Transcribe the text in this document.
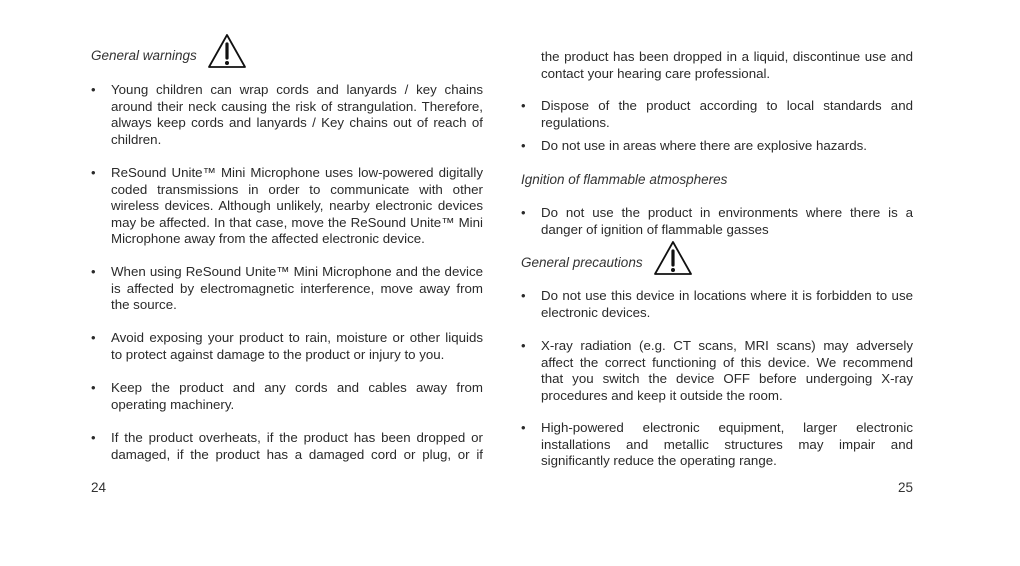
General warnings
• Young children can wrap cords and lanyards / key chains around their neck causing the risk of strangulation. Therefore, always keep cords and lanyards / Key chains out of reach of children.
• ReSound Unite™ Mini Microphone uses low-powered digitally coded transmissions in order to communicate with other wireless devices. Although unlikely, nearby electronic devices may be affected. In that case, move the ReSound Unite™ Mini Microphone away from the affected electronic device.
• When using ReSound Unite™ Mini Microphone and the device is affected by electromagnetic interference, move away from the source.
• Avoid exposing your product to rain, moisture or other liquids to protect against damage to the product or injury to you.
• Keep the product and any cords and cables away from operating machinery.
• If the product overheats, if the product has been dropped or damaged, if the product has a damaged cord or plug, or if
24
the product has been dropped in a liquid, discontinue use and contact your hearing care professional.
• Dispose of the product according to local standards and regulations.
• Do not use in areas where there are explosive hazards.
Ignition of flammable atmospheres
• Do not use the product in environments where there is a danger of ignition of flammable gasses
General precautions
• Do not use this device in locations where it is forbidden to use electronic devices.
• X-ray radiation (e.g. CT scans, MRI scans) may adversely affect the correct functioning of this device. We recommend that you switch the device OFF before undergoing X-ray procedures and keep it outside the room.
• High-powered electronic equipment, larger electronic installations and metallic structures may impair and significantly reduce the operating range.
25
